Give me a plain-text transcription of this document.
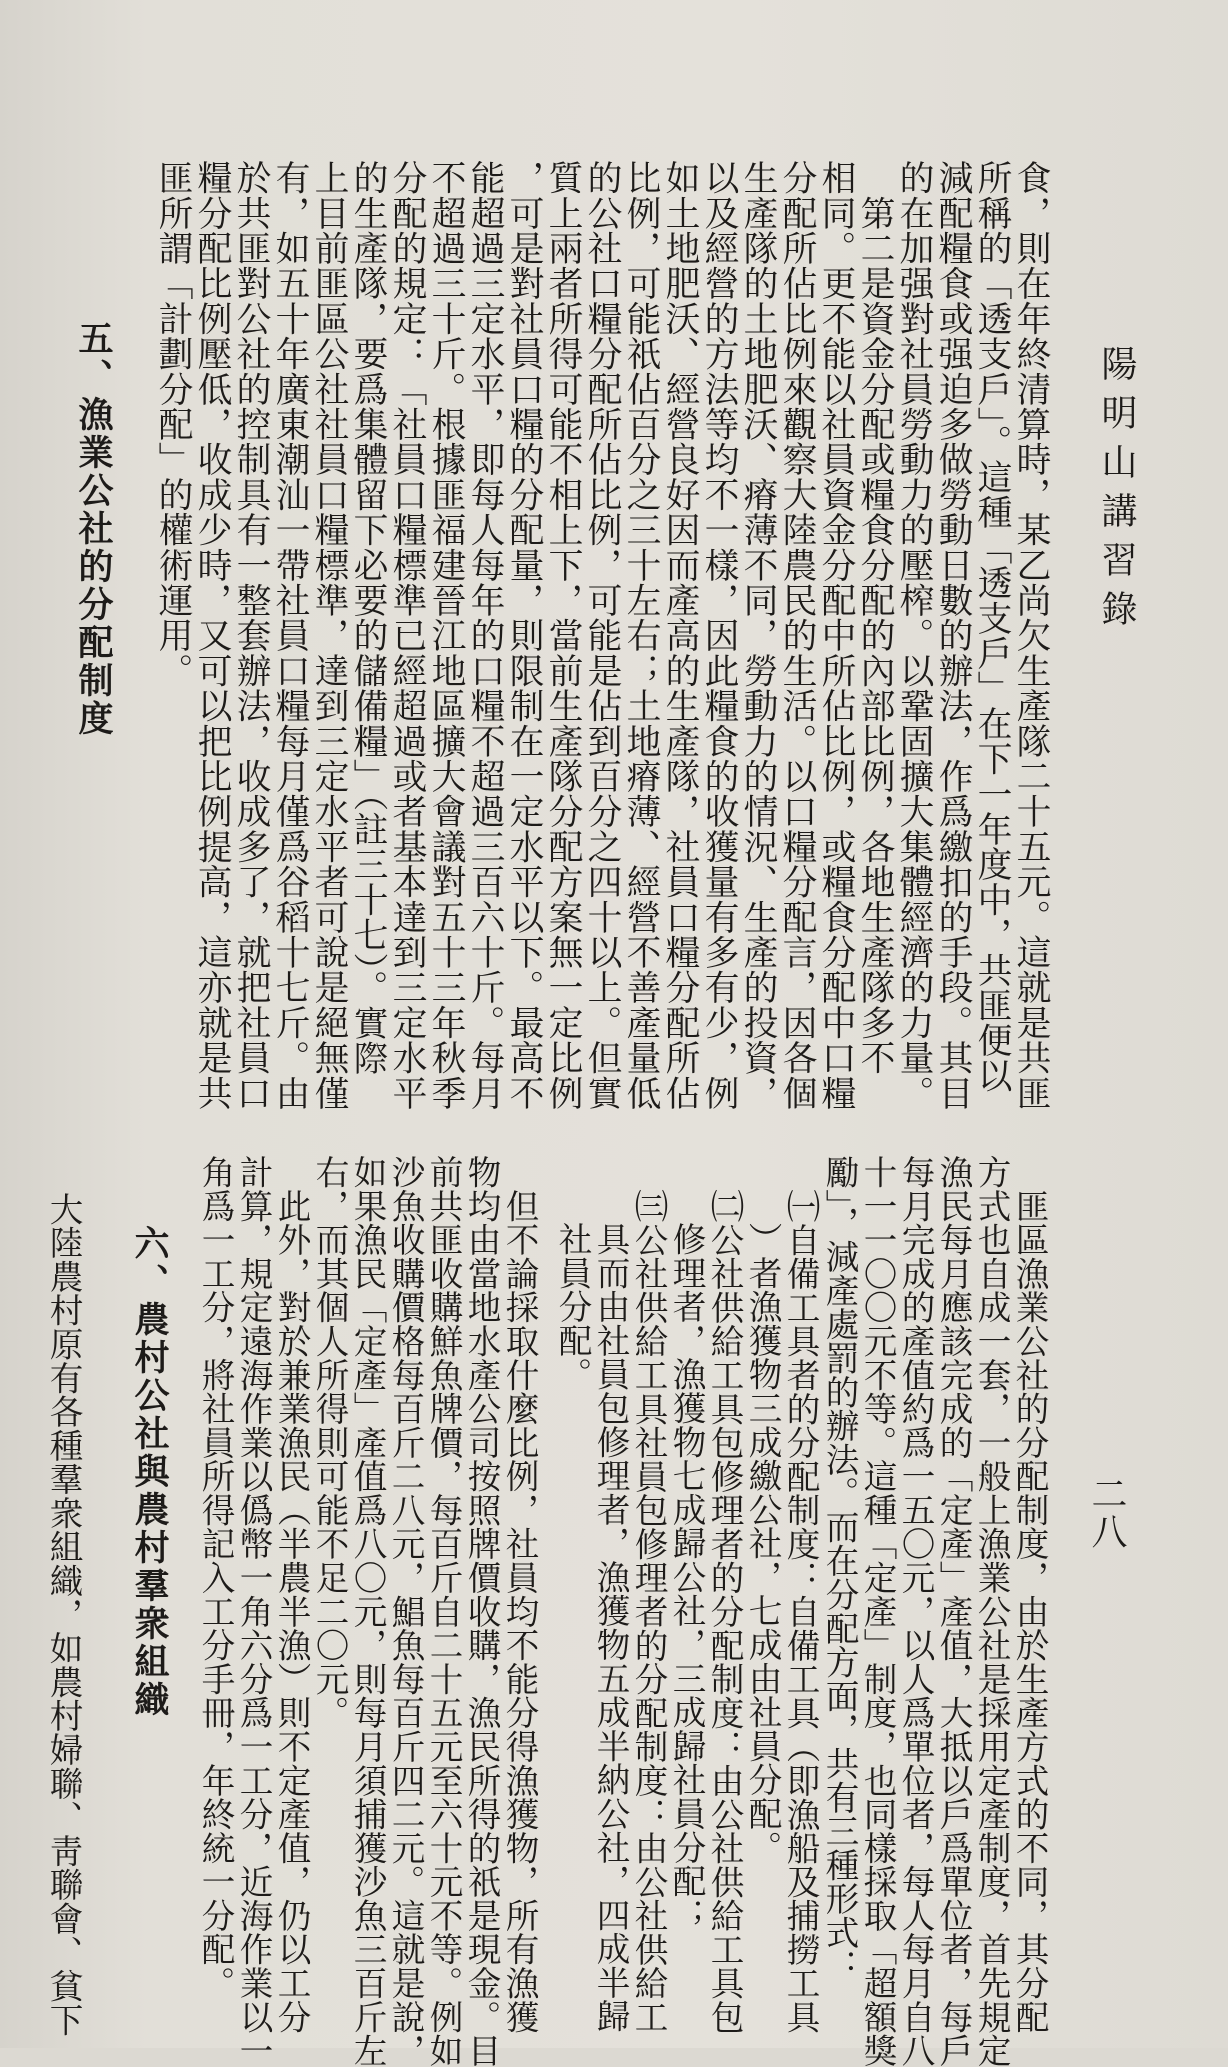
陽明山講習錄
二八
食，則在年終清算時，某乙尚欠生產隊二十五元。這就是共匪
所稱的「透支戶」。這種「透支戶」在下一年度中，共匪便以
減配糧食或强迫多做勞動日數的辦法，作爲繳扣的手段。其目
的在加强對社員勞動力的壓榨。以鞏固擴大集體經濟的力量。
　第二是資金分配或糧食分配的內部比例，各地生產隊多不
相同。更不能以社員資金分配中所佔比例，或糧食分配中口糧
分配所佔比例來觀察大陸農民的生活。以口糧分配言，因各個
生產隊的土地肥沃、瘠薄不同，勞動力的情況、生產的投資，
以及經營的方法等均不一樣，因此糧食的收獲量有多有少，例
如土地肥沃、經營良好因而產高的生產隊，社員口糧分配所佔
比例，可能祇佔百分之三十左右；土地瘠薄、經營不善產量低
的公社口糧分配所佔比例，可能是佔到百分之四十以上。但實
質上兩者所得可能不相上下，當前生產隊分配方案無一定比例
，可是對社員口糧的分配量，則限制在一定水平以下。最高不
能超過三定水平，即每人每年的口糧不超過三百六十斤。每月
不超過三十斤。根據匪福建晉江地區擴大會議對五十三年秋季
分配的規定：「社員口糧標準已經超過或者基本達到三定水平
的生產隊，要爲集體留下必要的儲備糧」（註三十七）。實際
上目前匪區公社社員口糧標準，達到三定水平者可說是絕無僅
有，如五十年廣東潮汕一帶社員口糧每月僅爲谷稻十七斤。由
於共匪對公社的控制具有一整套辦法，收成多了，就把社員口
糧分配比例壓低，收成少時，又可以把比例提高，這亦就是共
匪所謂「計劃分配」的權術運用。
五、漁業公社的分配制度
　匪區漁業公社的分配制度，由於生產方式的不同，其分配
方式也自成一套，一般上漁業公社是採用定產制度，首先規定
漁民每月應該完成的「定產」產值，大抵以戶爲單位者，每戶
每月完成的產值約爲一五〇元，以人爲單位者，每人每月自八
十一一〇〇元不等。這種「定產」制度，也同樣採取「超額獎
勵」，減產處罰的辦法。而在分配方面，共有三種形式：
㈠自備工具者的分配制度：自備工具（即漁船及捕撈工具
）者漁獲物三成繳公社，七成由社員分配。
㈡公社供給工具包修理者的分配制度：由公社供給工具包
修理者，漁獲物七成歸公社，三成歸社員分配；
㈢公社供給工具社員包修理者的分配制度：由公社供給工
具而由社員包修理者，漁獲物五成半納公社，四成半歸
社員分配。
　但不論採取什麼比例，社員均不能分得漁獲物，所有漁獲
物均由當地水產公司按照牌價收購，漁民所得的祇是現金。目
前共匪收購鮮魚牌價，每百斤自二十五元至六十元不等。例如
沙魚收購價格每百斤二八元，鯧魚每百斤四二元。這就是說，
如果漁民「定產」產值爲八〇元，則每月須捕獲沙魚三百斤左
右，而其個人所得則可能不足二〇元。
　此外，對於兼業漁民（半農半漁）則不定產值，仍以工分
計算，規定遠海作業以僞幣一角六分爲一工分，近海作業以一
角爲一工分，將社員所得記入工分手冊，年終統一分配。
六、農村公社與農村羣衆組織
　大陸農村原有各種羣衆組織，如農村婦聯、靑聯會、貧下
